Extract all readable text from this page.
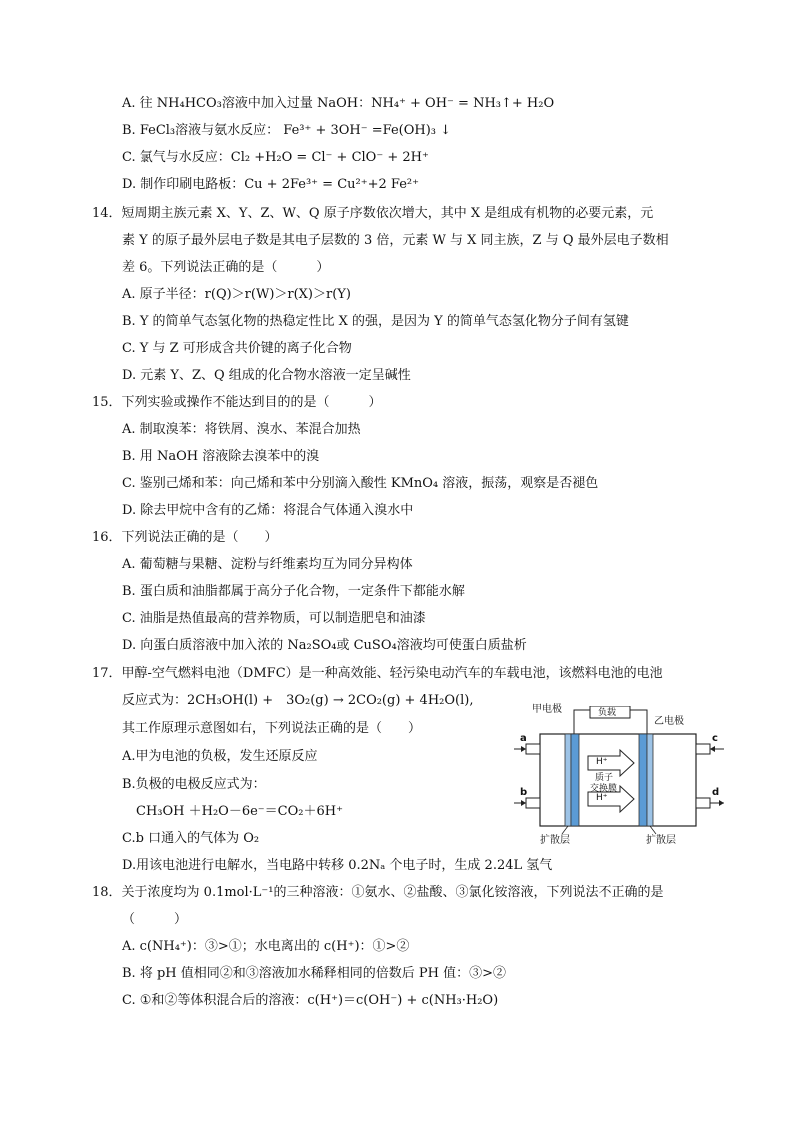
A. 往 NH₄HCO₃溶液中加入过量 NaOH：NH₄⁺ + OH⁻ = NH₃↑+ H₂O
B. FeCl₃溶液与氨水反应： Fe³⁺ + 3OH⁻ =Fe(OH)₃ ↓
C. 氯气与水反应：Cl₂ +H₂O = Cl⁻ + ClO⁻ + 2H⁺
D. 制作印刷电路板：Cu + 2Fe³⁺ = Cu²⁺+2 Fe²⁺
14．短周期主族元素 X、Y、Z、W、Q 原子序数依次增大，其中 X 是组成有机物的必要元素，元
素 Y 的原子最外层电子数是其电子层数的 3 倍，元素 W 与 X 同主族，Z 与 Q 最外层电子数相
差 6。下列说法正确的是（　　　）
A. 原子半径：r(Q)＞r(W)＞r(X)＞r(Y)
B. Y 的简单气态氢化物的热稳定性比 X 的强，是因为 Y 的简单气态氢化物分子间有氢键
C. Y 与 Z 可形成含共价键的离子化合物
D. 元素 Y、Z、Q 组成的化合物水溶液一定呈碱性
15．下列实验或操作不能达到目的的是（　　　）
A. 制取溴苯：将铁屑、溴水、苯混合加热
B. 用 NaOH 溶液除去溴苯中的溴
C. 鉴别己烯和苯：向己烯和苯中分别滴入酸性 KMnO₄ 溶液，振荡，观察是否褪色
D. 除去甲烷中含有的乙烯：将混合气体通入溴水中
16．下列说法正确的是（　　）
A. 葡萄糖与果糖、淀粉与纤维素均互为同分异构体
B. 蛋白质和油脂都属于高分子化合物，一定条件下都能水解
C. 油脂是热值最高的营养物质，可以制造肥皂和油漆
D. 向蛋白质溶液中加入浓的 Na₂SO₄或 CuSO₄溶液均可使蛋白质盐析
17．甲醇-空气燃料电池（DMFC）是一种高效能、轻污染电动汽车的车载电池，该燃料电池的电池
反应式为：2CH₃OH(l) +　3O₂(g) → 2CO₂(g) + 4H₂O(l),
其工作原理示意图如右，下列说法正确的是（　　）
A.甲为电池的负极，发生还原反应
B.负极的电极反应式为：
CH₃OH ＋H₂O－6e⁻＝CO₂＋6H⁺
C.b 口通入的气体为 O₂
D.用该电池进行电解水，当电路中转移 0.2Nₐ 个电子时，生成 2.24L 氢气
甲电极
乙电极
负载
a
b
c
d
H⁺
H⁺
质子
交换膜
扩散层	扩散层
18．关于浓度均为 0.1mol·L⁻¹的三种溶液：①氨水、②盐酸、③氯化铵溶液，下列说法不正确的是
（　　　）
A. c(NH₄⁺)：③>①；水电离出的 c(H⁺)：①>②
B. 将 pH 值相同②和③溶液加水稀释相同的倍数后 PH 值：③>②
C. ①和②等体积混合后的溶液：c(H⁺)＝c(OH⁻) + c(NH₃·H₂O)
